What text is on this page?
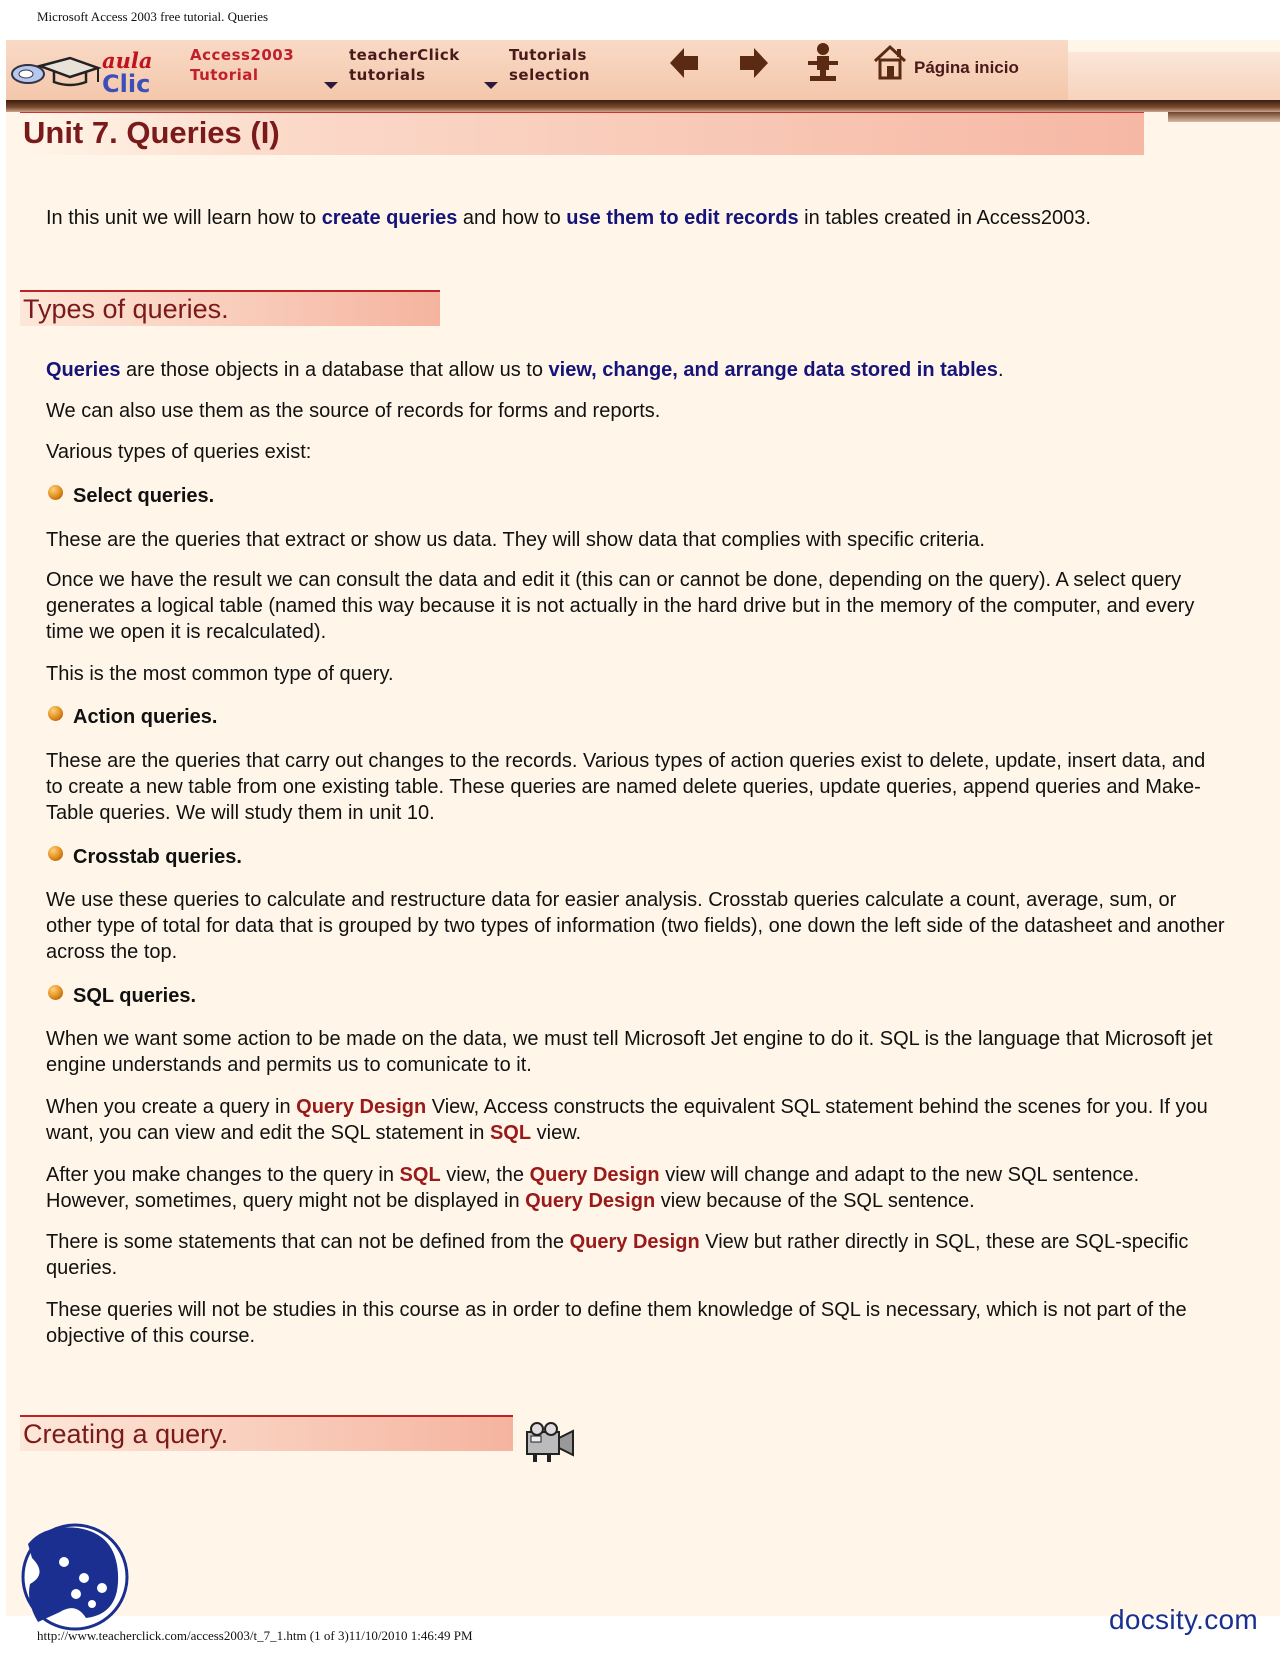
Microsoft Access 2003 free tutorial. Queries
aula
Clic
Access2003
Tutorial
teacherClick
tutorials
Tutorials
selection	Página inicio
Unit 7. Queries (I)

In this unit we will learn how to create queries and how to use them to edit records in tables created in Access2003.

Types of queries.

Queries are those objects in a database that allow us to view, change, and arrange data stored in tables.

We can also use them as the source of records for forms and reports.

Various types of queries exist:

Select queries.

These are the queries that extract or show us data. They will show data that complies with specific criteria.

Once we have the result we can consult the data and edit it (this can or cannot be done, depending on the query). A select query generates a logical table (named this way because it is not actually in the hard drive but in the memory of the computer, and every time we open it is recalculated).

This is the most common type of query.

Action queries.

These are the queries that carry out changes to the records. Various types of action queries exist to delete, update, insert data, and to create a new table from one existing table. These queries are named delete queries, update queries, append queries and Make-Table queries. We will study them in unit 10.

Crosstab queries.

We use these queries to calculate and restructure data for easier analysis. Crosstab queries calculate a count, average, sum, or other type of total for data that is grouped by two types of information (two fields), one down the left side of the datasheet and another across the top.

SQL queries.

When we want some action to be made on the data, we must tell Microsoft Jet engine to do it. SQL is the language that Microsoft jet engine understands and permits us to comunicate to it.

When you create a query in Query Design View, Access constructs the equivalent SQL statement behind the scenes for you. If you want, you can view and edit the SQL statement in SQL view.

After you make changes to the query in SQL view, the Query Design view will change and adapt to the new SQL sentence. However, sometimes, query might not be displayed in Query Design view because of the SQL sentence.

There is some statements that can not be defined from the Query Design View but rather directly in SQL, these are SQL-specific queries.

These queries will not be studies in this course as in order to define them knowledge of SQL is necessary, which is not part of the objective of this course.

Creating a query.
docsity.com
http://www.teacherclick.com/access2003/t_7_1.htm (1 of 3)11/10/2010 1:46:49 PM
